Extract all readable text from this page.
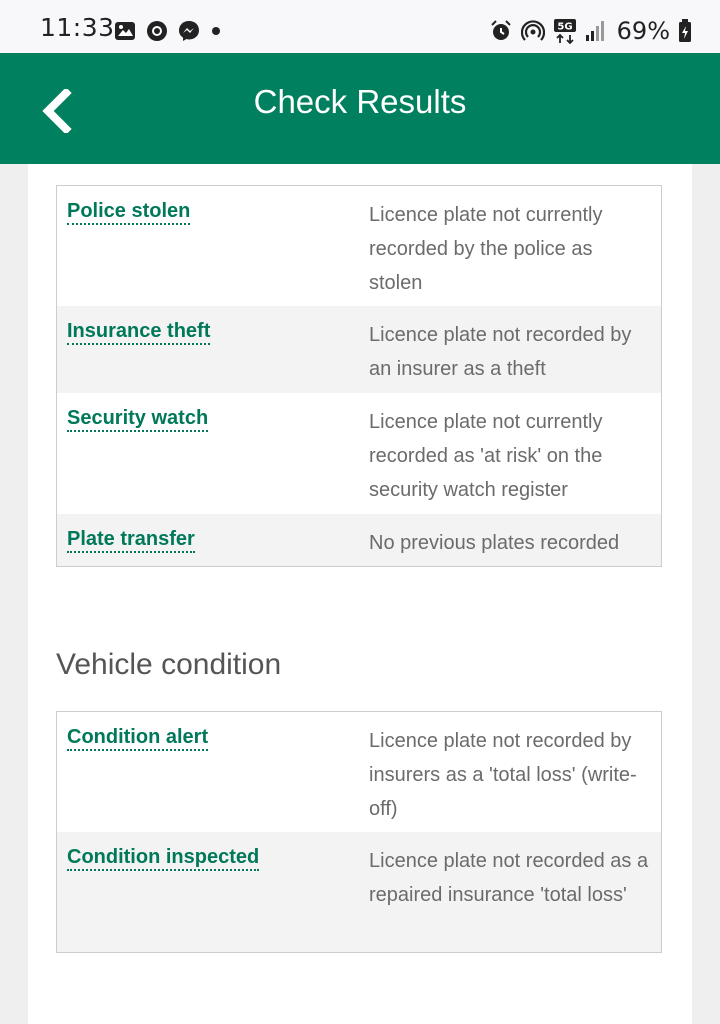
11:33	5G 69%
Check Results
Police stolen	Licence plate not currently recorded by the police as stolen
Insurance theft	Licence plate not recorded by an insurer as a theft
Security watch	Licence plate not currently recorded as 'at risk' on the security watch register
Plate transfer	No previous plates recorded
Vehicle condition
Condition alert	Licence plate not recorded by insurers as a 'total loss' (write-off)
Condition inspected	Licence plate not recorded as a repaired insurance 'total loss'
